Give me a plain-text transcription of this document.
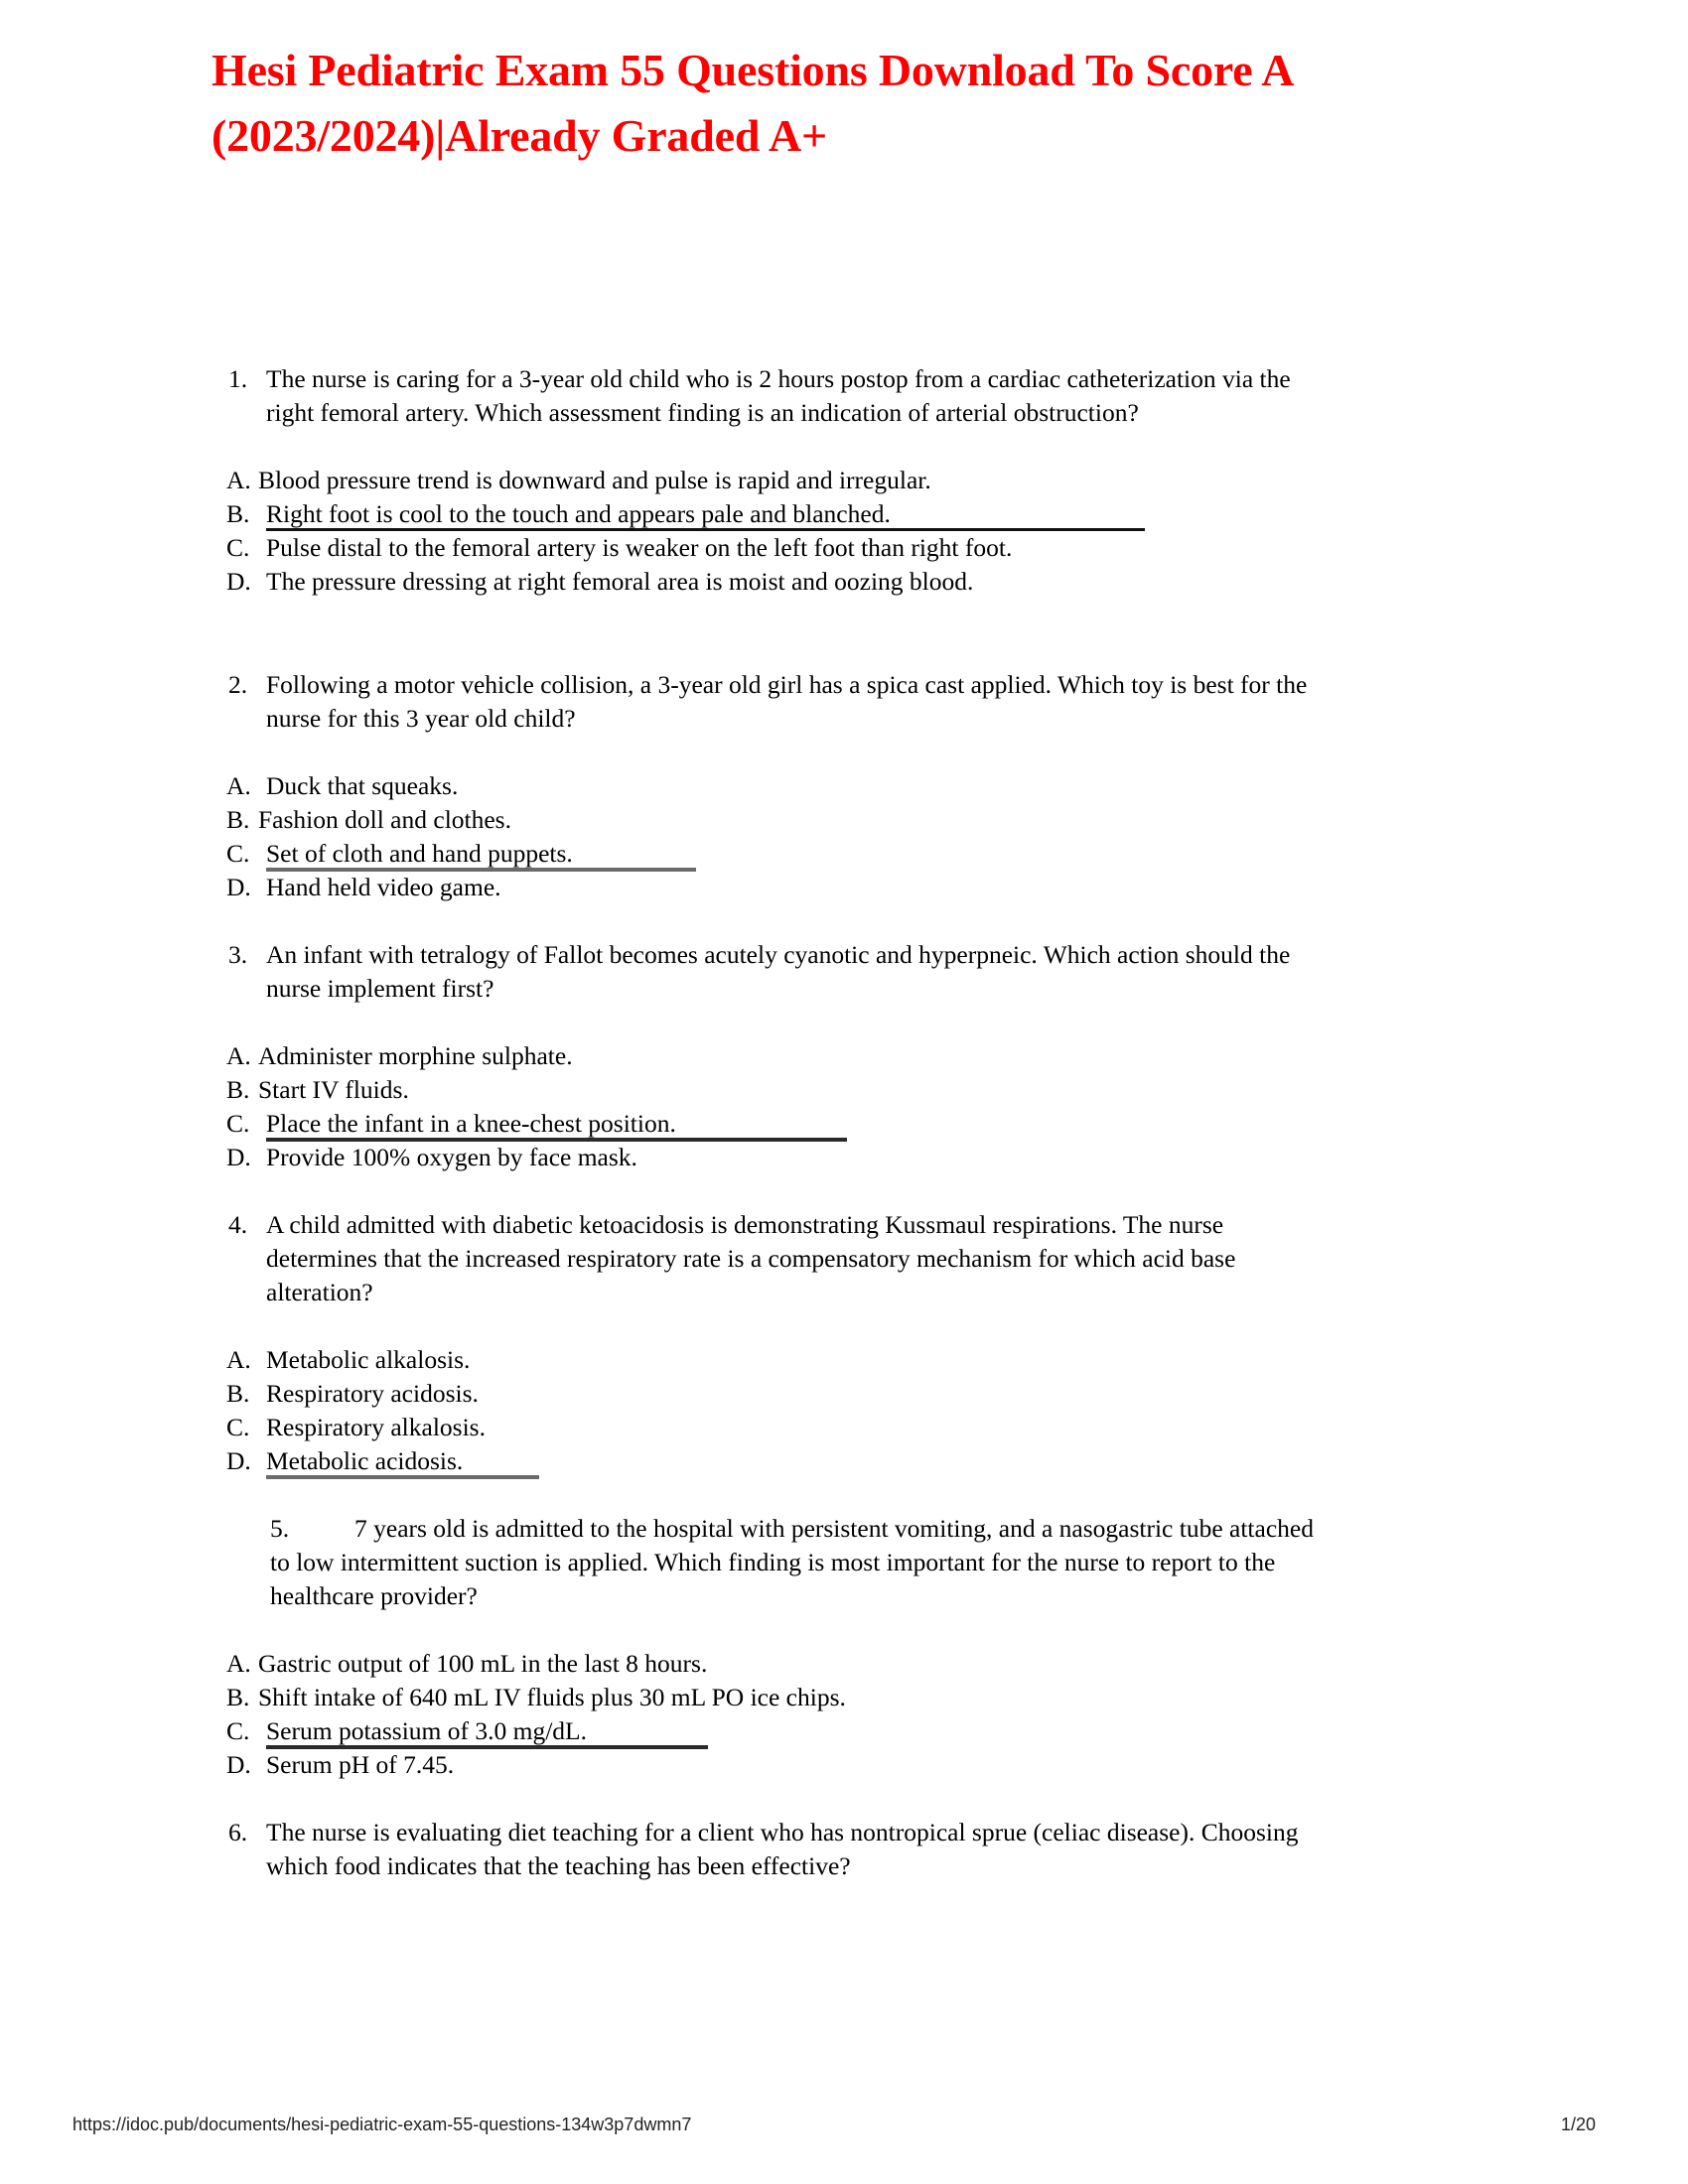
Hesi Pediatric Exam 55 Questions Download To Score A
(2023/2024)|Already Graded A+
1. The nurse is caring for a 3-year old child who is 2 hours postop from a cardiac catheterization via the right femoral artery. Which assessment finding is an indication of arterial obstruction?
A. Blood pressure trend is downward and pulse is rapid and irregular.
B. Right foot is cool to the touch and appears pale and blanched.
C. Pulse distal to the femoral artery is weaker on the left foot than right foot.
D. The pressure dressing at right femoral area is moist and oozing blood.
2. Following a motor vehicle collision, a 3-year old girl has a spica cast applied. Which toy is best for the nurse for this 3 year old child?
A. Duck that squeaks.
B. Fashion doll and clothes.
C. Set of cloth and hand puppets.
D. Hand held video game.
3. An infant with tetralogy of Fallot becomes acutely cyanotic and hyperpneic. Which action should the nurse implement first?
A. Administer morphine sulphate.
B. Start IV fluids.
C. Place the infant in a knee-chest position.
D. Provide 100% oxygen by face mask.
4. A child admitted with diabetic ketoacidosis is demonstrating Kussmaul respirations. The nurse determines that the increased respiratory rate is a compensatory mechanism for which acid base alteration?
A. Metabolic alkalosis.
B. Respiratory acidosis.
C. Respiratory alkalosis.
D. Metabolic acidosis.
5.	7 years old is admitted to the hospital with persistent vomiting, and a nasogastric tube attached to low intermittent suction is applied. Which finding is most important for the nurse to report to the healthcare provider?
A. Gastric output of 100 mL in the last 8 hours.
B. Shift intake of 640 mL IV fluids plus 30 mL PO ice chips.
C. Serum potassium of 3.0 mg/dL.
D. Serum pH of 7.45.
6. The nurse is evaluating diet teaching for a client who has nontropical sprue (celiac disease). Choosing which food indicates that the teaching has been effective?
https://idoc.pub/documents/hesi-pediatric-exam-55-questions-134w3p7dwmn7	1/20
